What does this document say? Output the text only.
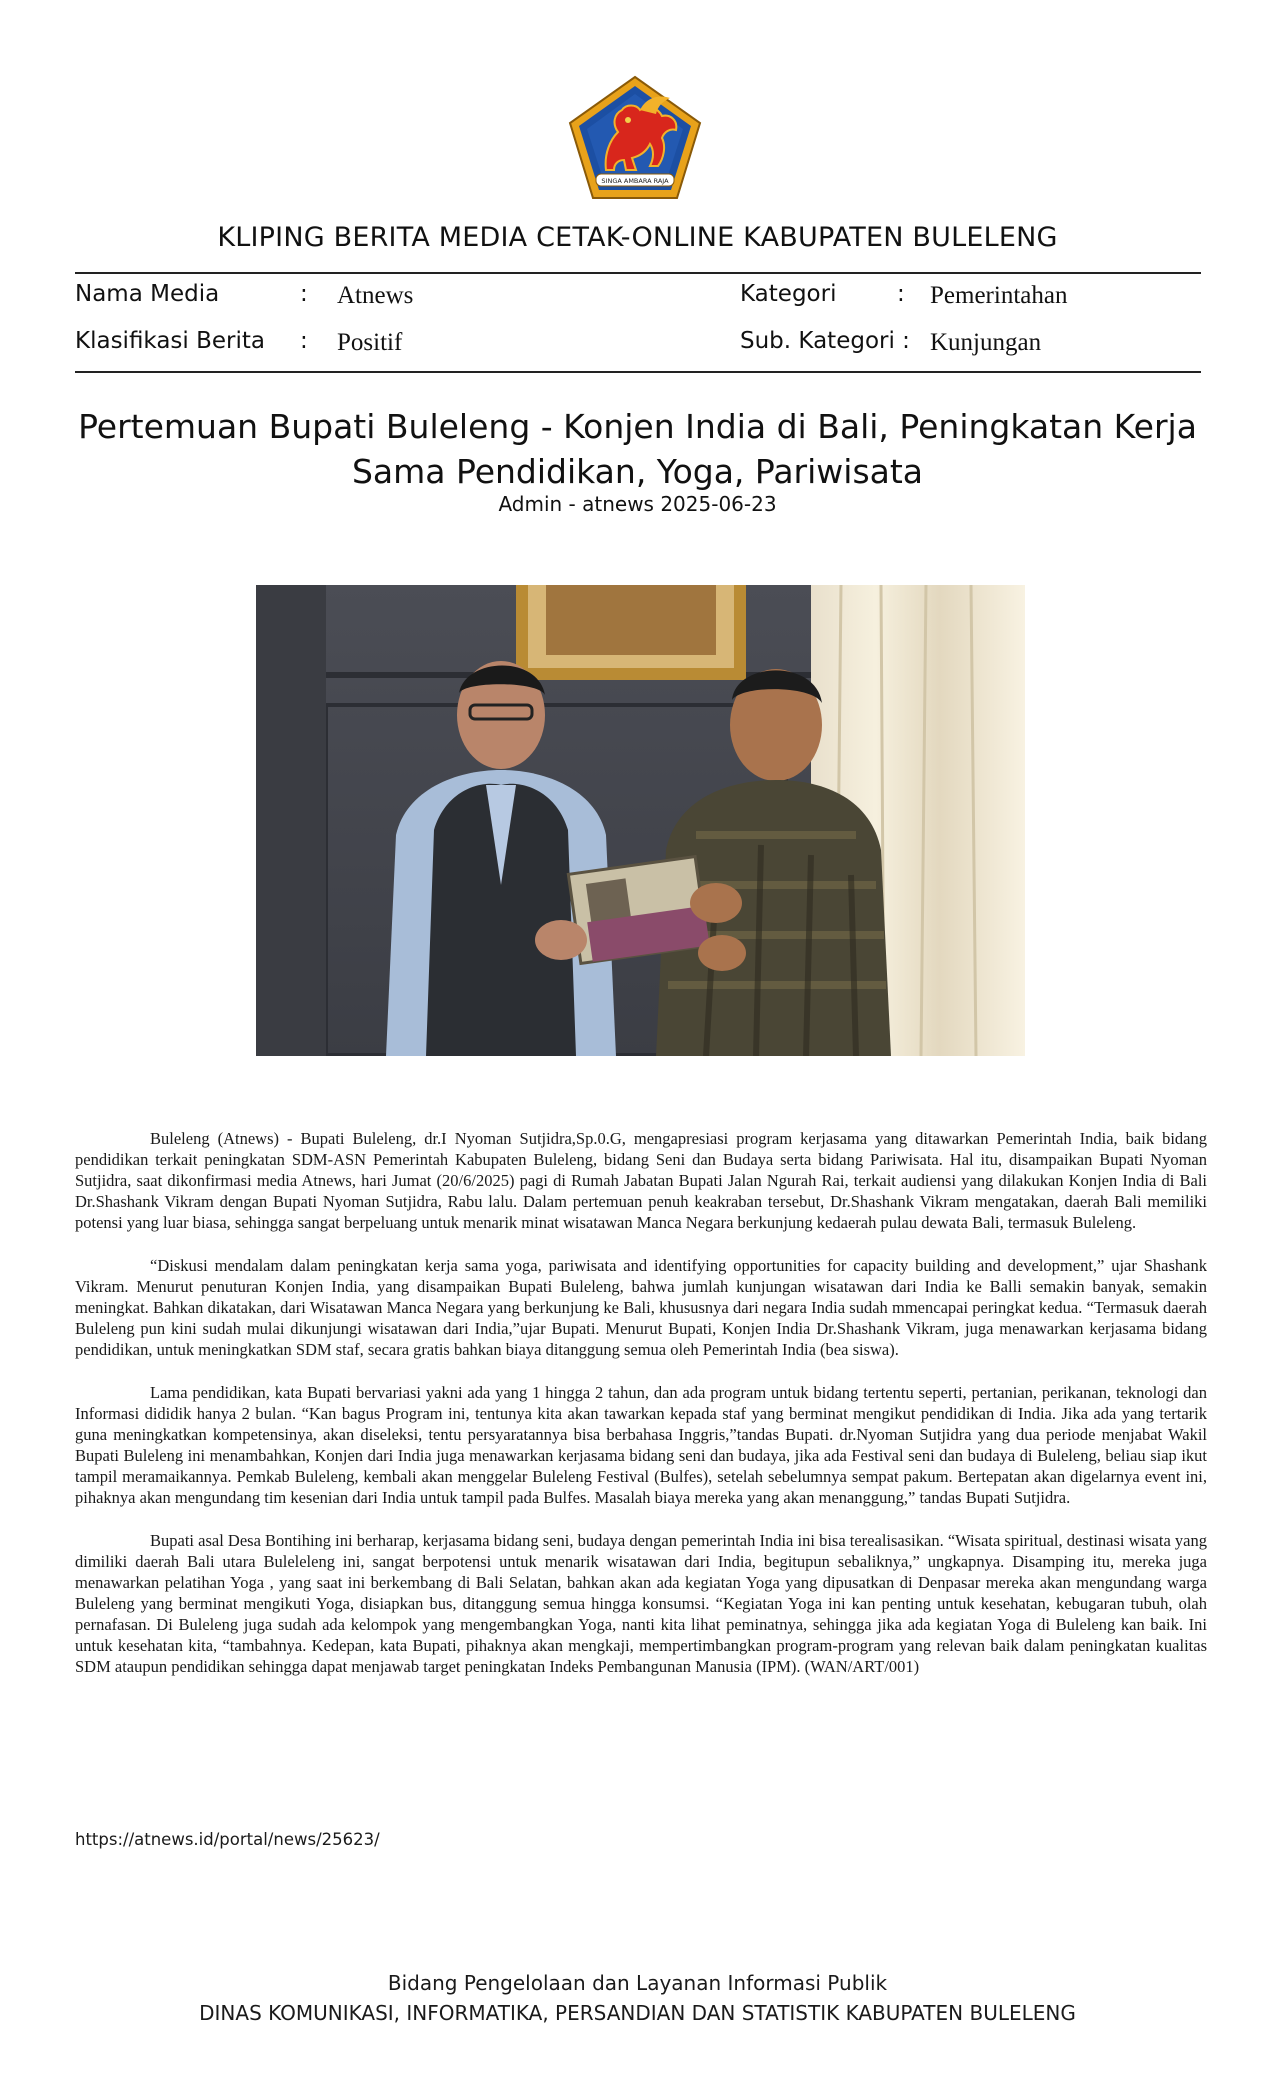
SINGA AMBARA RAJA
KLIPING BERITA MEDIA CETAK-ONLINE KABUPATEN BULELENG
Nama Media	: Atnews
Klasifikasi Berita : Positif
Kategori	: Pemerintahan
Sub. Kategori : Kunjungan
Pertemuan Bupati Buleleng - Konjen India di Bali, Peningkatan Kerja
Sama Pendidikan, Yoga, Pariwisata
Admin - atnews 2025-06-23

Buleleng (Atnews) - Bupati Buleleng, dr.I Nyoman Sutjidra,Sp.0.G, mengapresiasi program kerjasama yang ditawarkan Pemerintah India, baik bidang pendidikan terkait peningkatan SDM-ASN Pemerintah Kabupaten Buleleng, bidang Seni dan Budaya serta bidang Pariwisata. Hal itu, disampaikan Bupati Nyoman Sutjidra, saat dikonfirmasi media Atnews, hari Jumat (20/6/2025) pagi di Rumah Jabatan Bupati Jalan Ngurah Rai, terkait audiensi yang dilakukan Konjen India di Bali Dr.Shashank Vikram dengan Bupati Nyoman Sutjidra, Rabu lalu. Dalam pertemuan penuh keakraban tersebut, Dr.Shashank Vikram mengatakan, daerah Bali memiliki potensi yang luar biasa, sehingga sangat berpeluang untuk menarik minat wisatawan Manca Negara berkunjung kedaerah pulau dewata Bali, termasuk Buleleng.

“Diskusi mendalam dalam peningkatan kerja sama yoga, pariwisata and identifying opportunities for capacity building and development,” ujar Shashank Vikram. Menurut penuturan Konjen India, yang disampaikan Bupati Buleleng, bahwa jumlah kunjungan wisatawan dari India ke Balli semakin banyak, semakin meningkat. Bahkan dikatakan, dari Wisatawan Manca Negara yang berkunjung ke Bali, khususnya dari negara India sudah mmencapai peringkat kedua. “Termasuk daerah Buleleng pun kini sudah mulai dikunjungi wisatawan dari India,”ujar Bupati. Menurut Bupati, Konjen India Dr.Shashank Vikram, juga menawarkan kerjasama bidang pendidikan, untuk meningkatkan SDM staf, secara gratis bahkan biaya ditanggung semua oleh Pemerintah India (bea siswa).

Lama pendidikan, kata Bupati bervariasi yakni ada yang 1 hingga 2 tahun, dan ada program untuk bidang tertentu seperti, pertanian, perikanan, teknologi dan Informasi dididik hanya 2 bulan. “Kan bagus Program ini, tentunya kita akan tawarkan kepada staf yang berminat mengikut pendidikan di India. Jika ada yang tertarik guna meningkatkan kompetensinya, akan diseleksi, tentu persyaratannya bisa berbahasa Inggris,”tandas Bupati. dr.Nyoman Sutjidra yang dua periode menjabat Wakil Bupati Buleleng ini menambahkan, Konjen dari India juga menawarkan kerjasama bidang seni dan budaya, jika ada Festival seni dan budaya di Buleleng, beliau siap ikut tampil meramaikannya. Pemkab Buleleng, kembali akan menggelar Buleleng Festival (Bulfes), setelah sebelumnya sempat pakum. Bertepatan akan digelarnya event ini, pihaknya akan mengundang tim kesenian dari India untuk tampil pada Bulfes. Masalah biaya mereka yang akan menanggung,” tandas Bupati Sutjidra.

Bupati asal Desa Bontihing ini berharap, kerjasama bidang seni, budaya dengan pemerintah India ini bisa terealisasikan. “Wisata spiritual, destinasi wisata yang dimiliki daerah Bali utara Buleleleng ini, sangat berpotensi untuk menarik wisatawan dari India, begitupun sebaliknya,” ungkapnya. Disamping itu, mereka juga menawarkan pelatihan Yoga , yang saat ini berkembang di Bali Selatan, bahkan akan ada kegiatan Yoga yang dipusatkan di Denpasar mereka akan mengundang warga Buleleng yang berminat mengikuti Yoga, disiapkan bus, ditanggung semua hingga konsumsi. “Kegiatan Yoga ini kan penting untuk kesehatan, kebugaran tubuh, olah pernafasan. Di Buleleng juga sudah ada kelompok yang mengembangkan Yoga, nanti kita lihat peminatnya, sehingga jika ada kegiatan Yoga di Buleleng kan baik. Ini untuk kesehatan kita, “tambahnya. Kedepan, kata Bupati, pihaknya akan mengkaji, mempertimbangkan program-program yang relevan baik dalam peningkatan kualitas SDM ataupun pendidikan sehingga dapat menjawab target peningkatan Indeks Pembangunan Manusia (IPM). (WAN/ART/001)

https://atnews.id/portal/news/25623/
Bidang Pengelolaan dan Layanan Informasi Publik
DINAS KOMUNIKASI, INFORMATIKA, PERSANDIAN DAN STATISTIK KABUPATEN BULELENG
